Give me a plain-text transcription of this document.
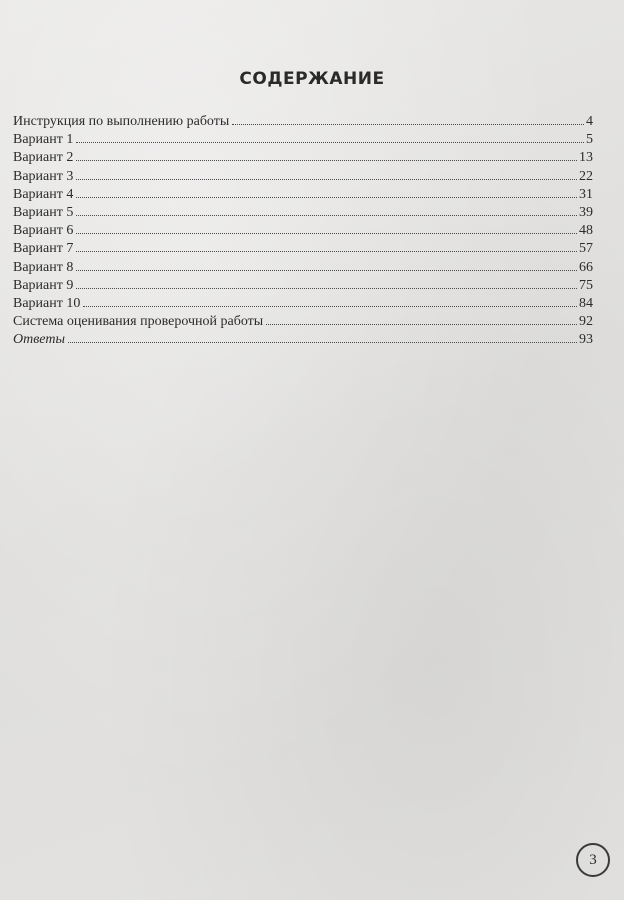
СОДЕРЖАНИЕ
Инструкция по выполнению работы	4
Вариант 1	5
Вариант 2	13
Вариант 3	22
Вариант 4	31
Вариант 5	39
Вариант 6	48
Вариант 7	57
Вариант 8	66
Вариант 9	75
Вариант 10	84
Система оценивания проверочной работы	92
Ответы	93
3
